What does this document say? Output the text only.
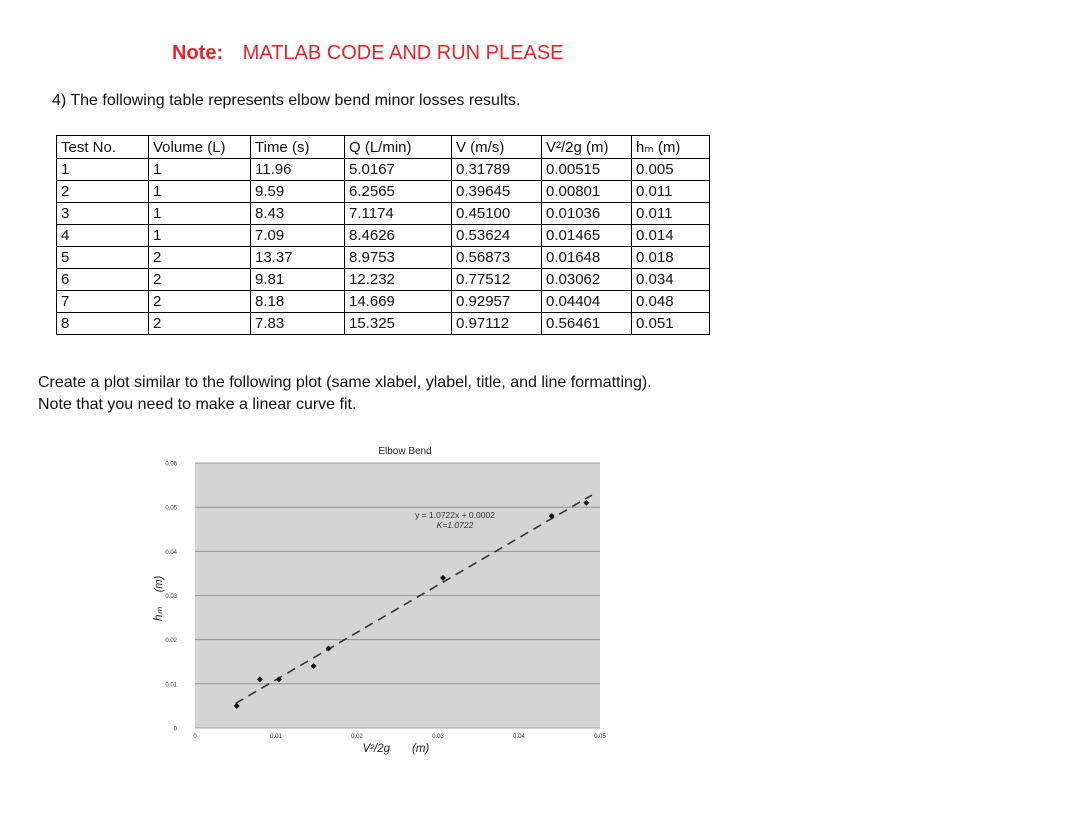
Note: MATLAB CODE AND RUN PLEASE
4) The following table represents elbow bend minor losses results.
Test No.	Volume (L)	Time (s)	Q (L/min)	V (m/s)	V²/2g (m)	hₘ (m)
1	1	11.96	5.0167	0.31789	0.00515	0.005
2	1	9.59	6.2565	0.39645	0.00801	0.011
3	1	8.43	7.1174	0.45100	0.01036	0.011
4	1	7.09	8.4626	0.53624	0.01465	0.014
5	2	13.37	8.9753	0.56873	0.01648	0.018
6	2	9.81	12.232	0.77512	0.03062	0.034
7	2	8.18	14.669	0.92957	0.04404	0.048
8	2	7.83	15.325	0.97112	0.56461	0.051
Create a plot similar to the following plot (same xlabel, ylabel, title, and line formatting).
Note that you need to make a linear curve fit.
0
0.01
0.02
0.03
0.04
0.05
0.06
0	0.01	0.02	0.03	0.04	0.05
Elbow Bend
y = 1.0722x + 0.0002
K=1.0722
V²/2g (m)
hₘ
(m)
